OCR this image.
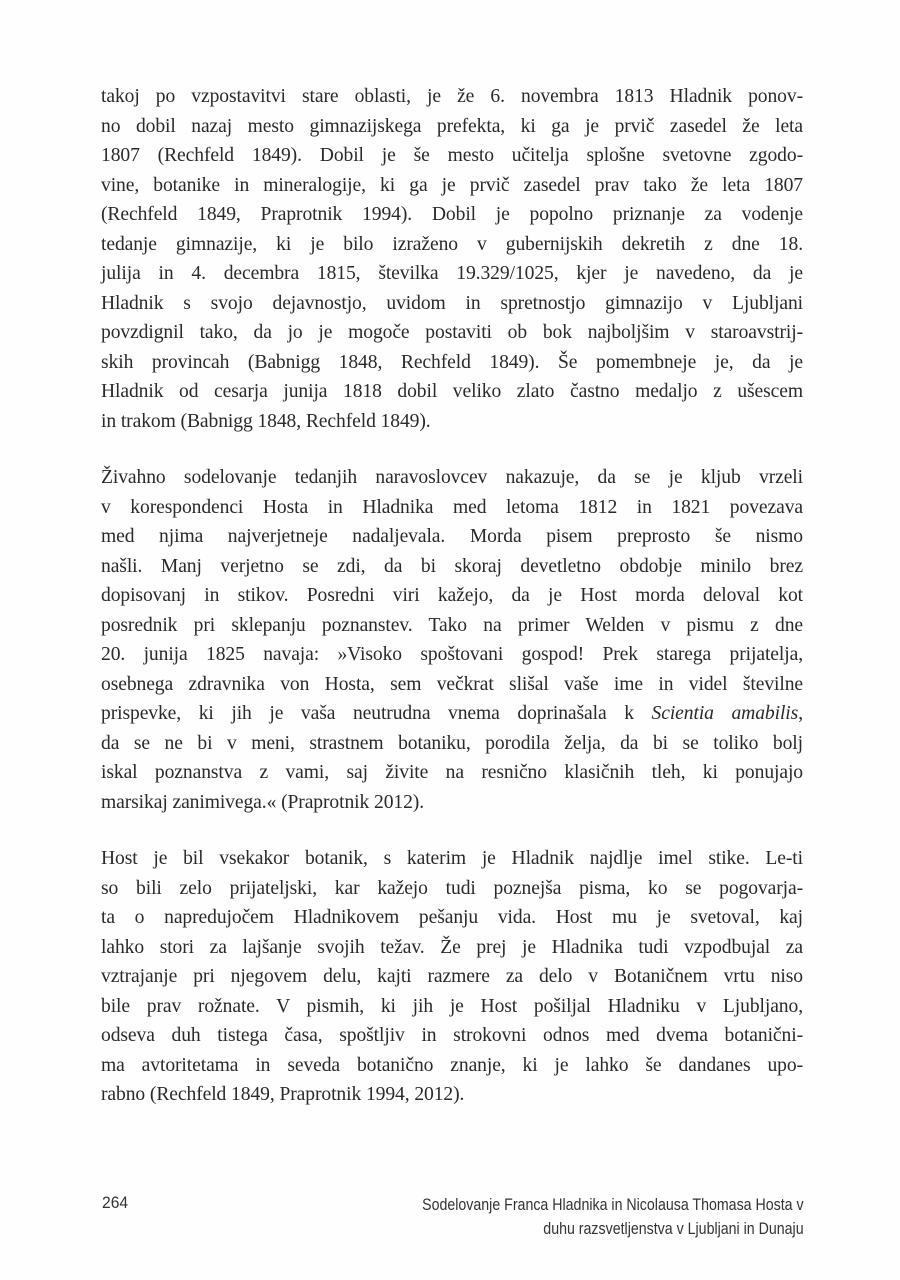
takoj po vzpostavitvi stare oblasti, je že 6. novembra 1813 Hladnik ponov-
no dobil nazaj mesto gimnazijskega prefekta, ki ga je prvič zasedel že leta
1807 (Rechfeld 1849). Dobil je še mesto učitelja splošne svetovne zgodo-
vine, botanike in mineralogije, ki ga je prvič zasedel prav tako že leta 1807
(Rechfeld 1849, Praprotnik 1994). Dobil je popolno priznanje za vodenje
tedanje gimnazije, ki je bilo izraženo v gubernijskih dekretih z dne 18.
julija in 4. decembra 1815, številka 19.329/1025, kjer je navedeno, da je
Hladnik s svojo dejavnostjo, uvidom in spretnostjo gimnazijo v Ljubljani
povzdignil tako, da jo je mogoče postaviti ob bok najboljšim v staroavstrij-
skih provincah (Babnigg 1848, Rechfeld 1849). Še pomembneje je, da je
Hladnik od cesarja junija 1818 dobil veliko zlato častno medaljo z ušescem
in trakom (Babnigg 1848, Rechfeld 1849).

Živahno sodelovanje tedanjih naravoslovcev nakazuje, da se je kljub vrzeli
v korespondenci Hosta in Hladnika med letoma 1812 in 1821 povezava
med njima najverjetneje nadaljevala. Morda pisem preprosto še nismo
našli. Manj verjetno se zdi, da bi skoraj devetletno obdobje minilo brez
dopisovanj in stikov. Posredni viri kažejo, da je Host morda deloval kot
posrednik pri sklepanju poznanstev. Tako na primer Welden v pismu z dne
20. junija 1825 navaja: »Visoko spoštovani gospod! Prek starega prijatelja,
osebnega zdravnika von Hosta, sem večkrat slišal vaše ime in videl številne
prispevke, ki jih je vaša neutrudna vnema doprinašala k Scientia amabilis,
da se ne bi v meni, strastnem botaniku, porodila želja, da bi se toliko bolj
iskal poznanstva z vami, saj živite na resnično klasičnih tleh, ki ponujajo
marsikaj zanimivega.« (Praprotnik 2012).

Host je bil vsekakor botanik, s katerim je Hladnik najdlje imel stike. Le-ti
so bili zelo prijateljski, kar kažejo tudi poznejša pisma, ko se pogovarja-
ta o napredujočem Hladnikovem pešanju vida. Host mu je svetoval, kaj
lahko stori za lajšanje svojih težav. Že prej je Hladnika tudi vzpodbujal za
vztrajanje pri njegovem delu, kajti razmere za delo v Botaničnem vrtu niso
bile prav rožnate. V pismih, ki jih je Host pošiljal Hladniku v Ljubljano,
odseva duh tistega časa, spoštljiv in strokovni odnos med dvema botanični-
ma avtoritetama in seveda botanično znanje, ki je lahko še dandanes upo-
rabno (Rechfeld 1849, Praprotnik 1994, 2012).

264	Sodelovanje Franca Hladnika in Nicolausa Thomasa Hosta v
duhu razsvetljenstva v Ljubljani in Dunaju
